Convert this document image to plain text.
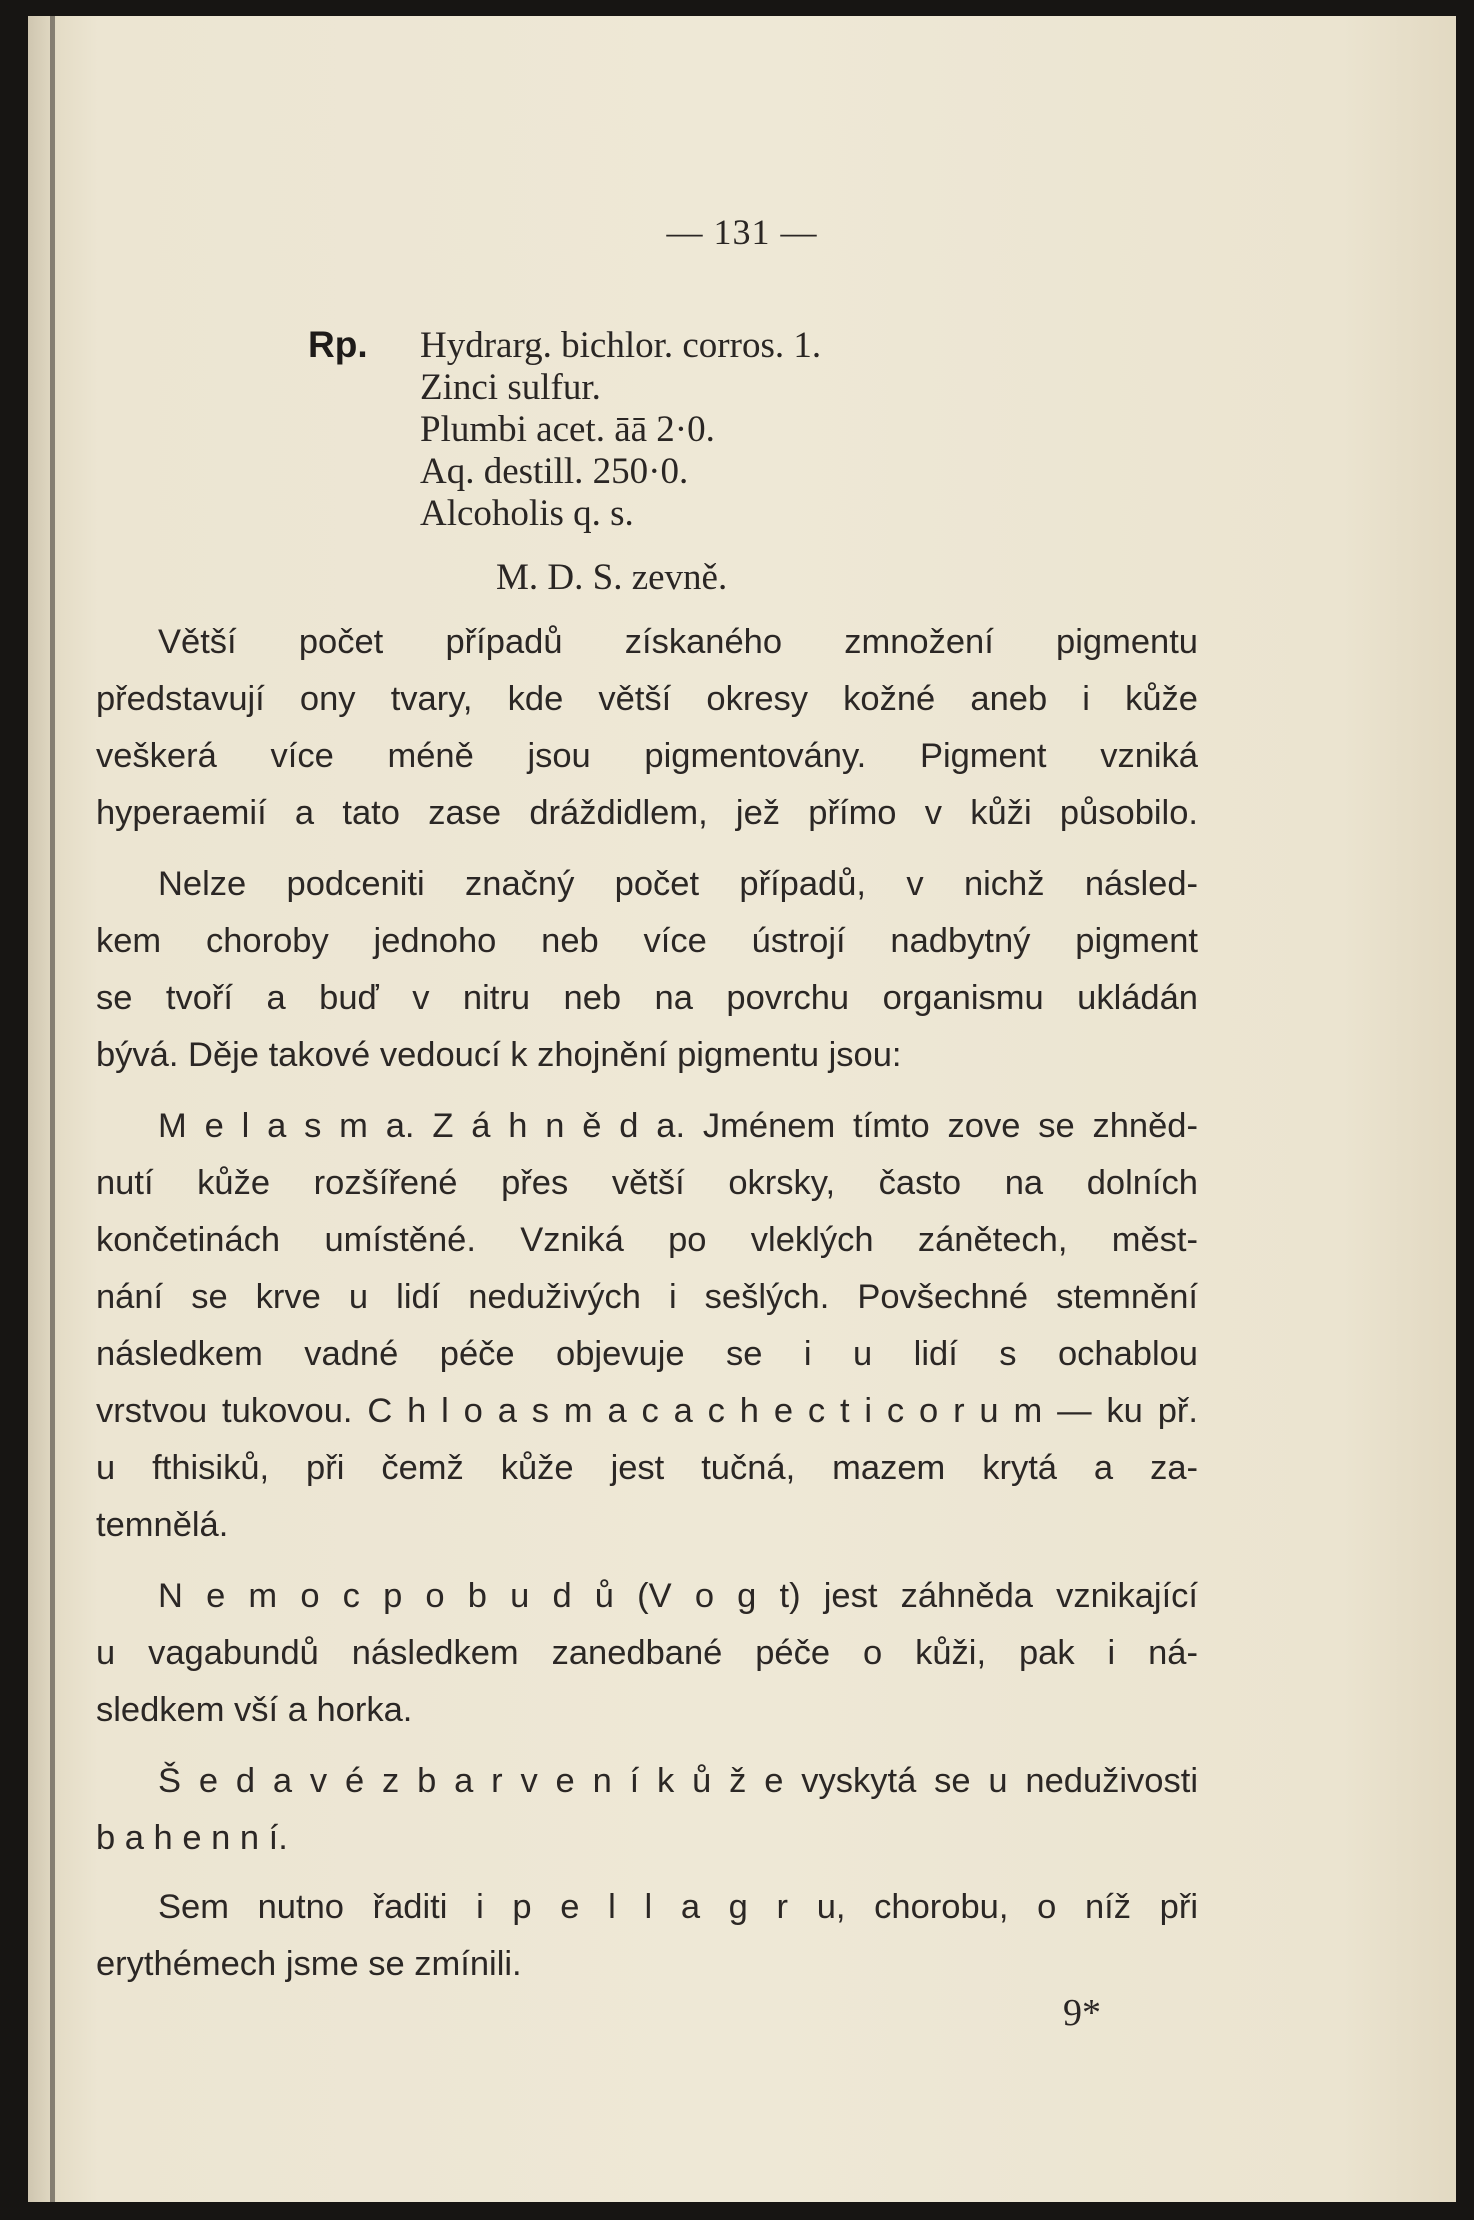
— 131 —
Rp. Hydrarg. bichlor. corros. 1.
Zinci sulfur.
Plumbi acet. āā 2·0.
Aq. destill. 250·0.
Alcoholis q. s.
M. D. S. zevně.
Větší počet případů získaného zmnožení pigmentu
představují ony tvary, kde větší okresy kožné aneb i kůže
veškerá více méně jsou pigmentovány. Pigment vzniká
hyperaemií a tato zase dráždidlem, jež přímo v kůži působilo.
Nelze podceniti značný počet případů, v nichž násled-
kem choroby jednoho neb více ústrojí nadbytný pigment
se tvoří a buď v nitru neb na povrchu organismu ukládán
bývá. Děje takové vedoucí k zhojnění pigmentu jsou:
M e l a s m a. Z á h n ě d a. Jménem tímto zove se zhněd-
nutí kůže rozšířené přes větší okrsky, často na dolních
končetinách umístěné. Vzniká po vleklých zánětech, měst-
nání se krve u lidí neduživých i sešlých. Povšechné stemnění
následkem vadné péče objevuje se i u lidí s ochablou
vrstvou tukovou. C h l o a s m a c a c h e c t i c o r u m — ku př.
u fthisiků, při čemž kůže jest tučná, mazem krytá a za-
temnělá.
N e m o c p o b u d ů (V o g t) jest záhněda vznikající
u vagabundů následkem zanedbané péče o kůži, pak i ná-
sledkem vší a horka.
Š e d a v é z b a r v e n í k ů ž e vyskytá se u neduživosti
b a h e n n í.
Sem nutno řaditi i p e l l a g r u, chorobu, o níž při
erythémech jsme se zmínili.
9*
